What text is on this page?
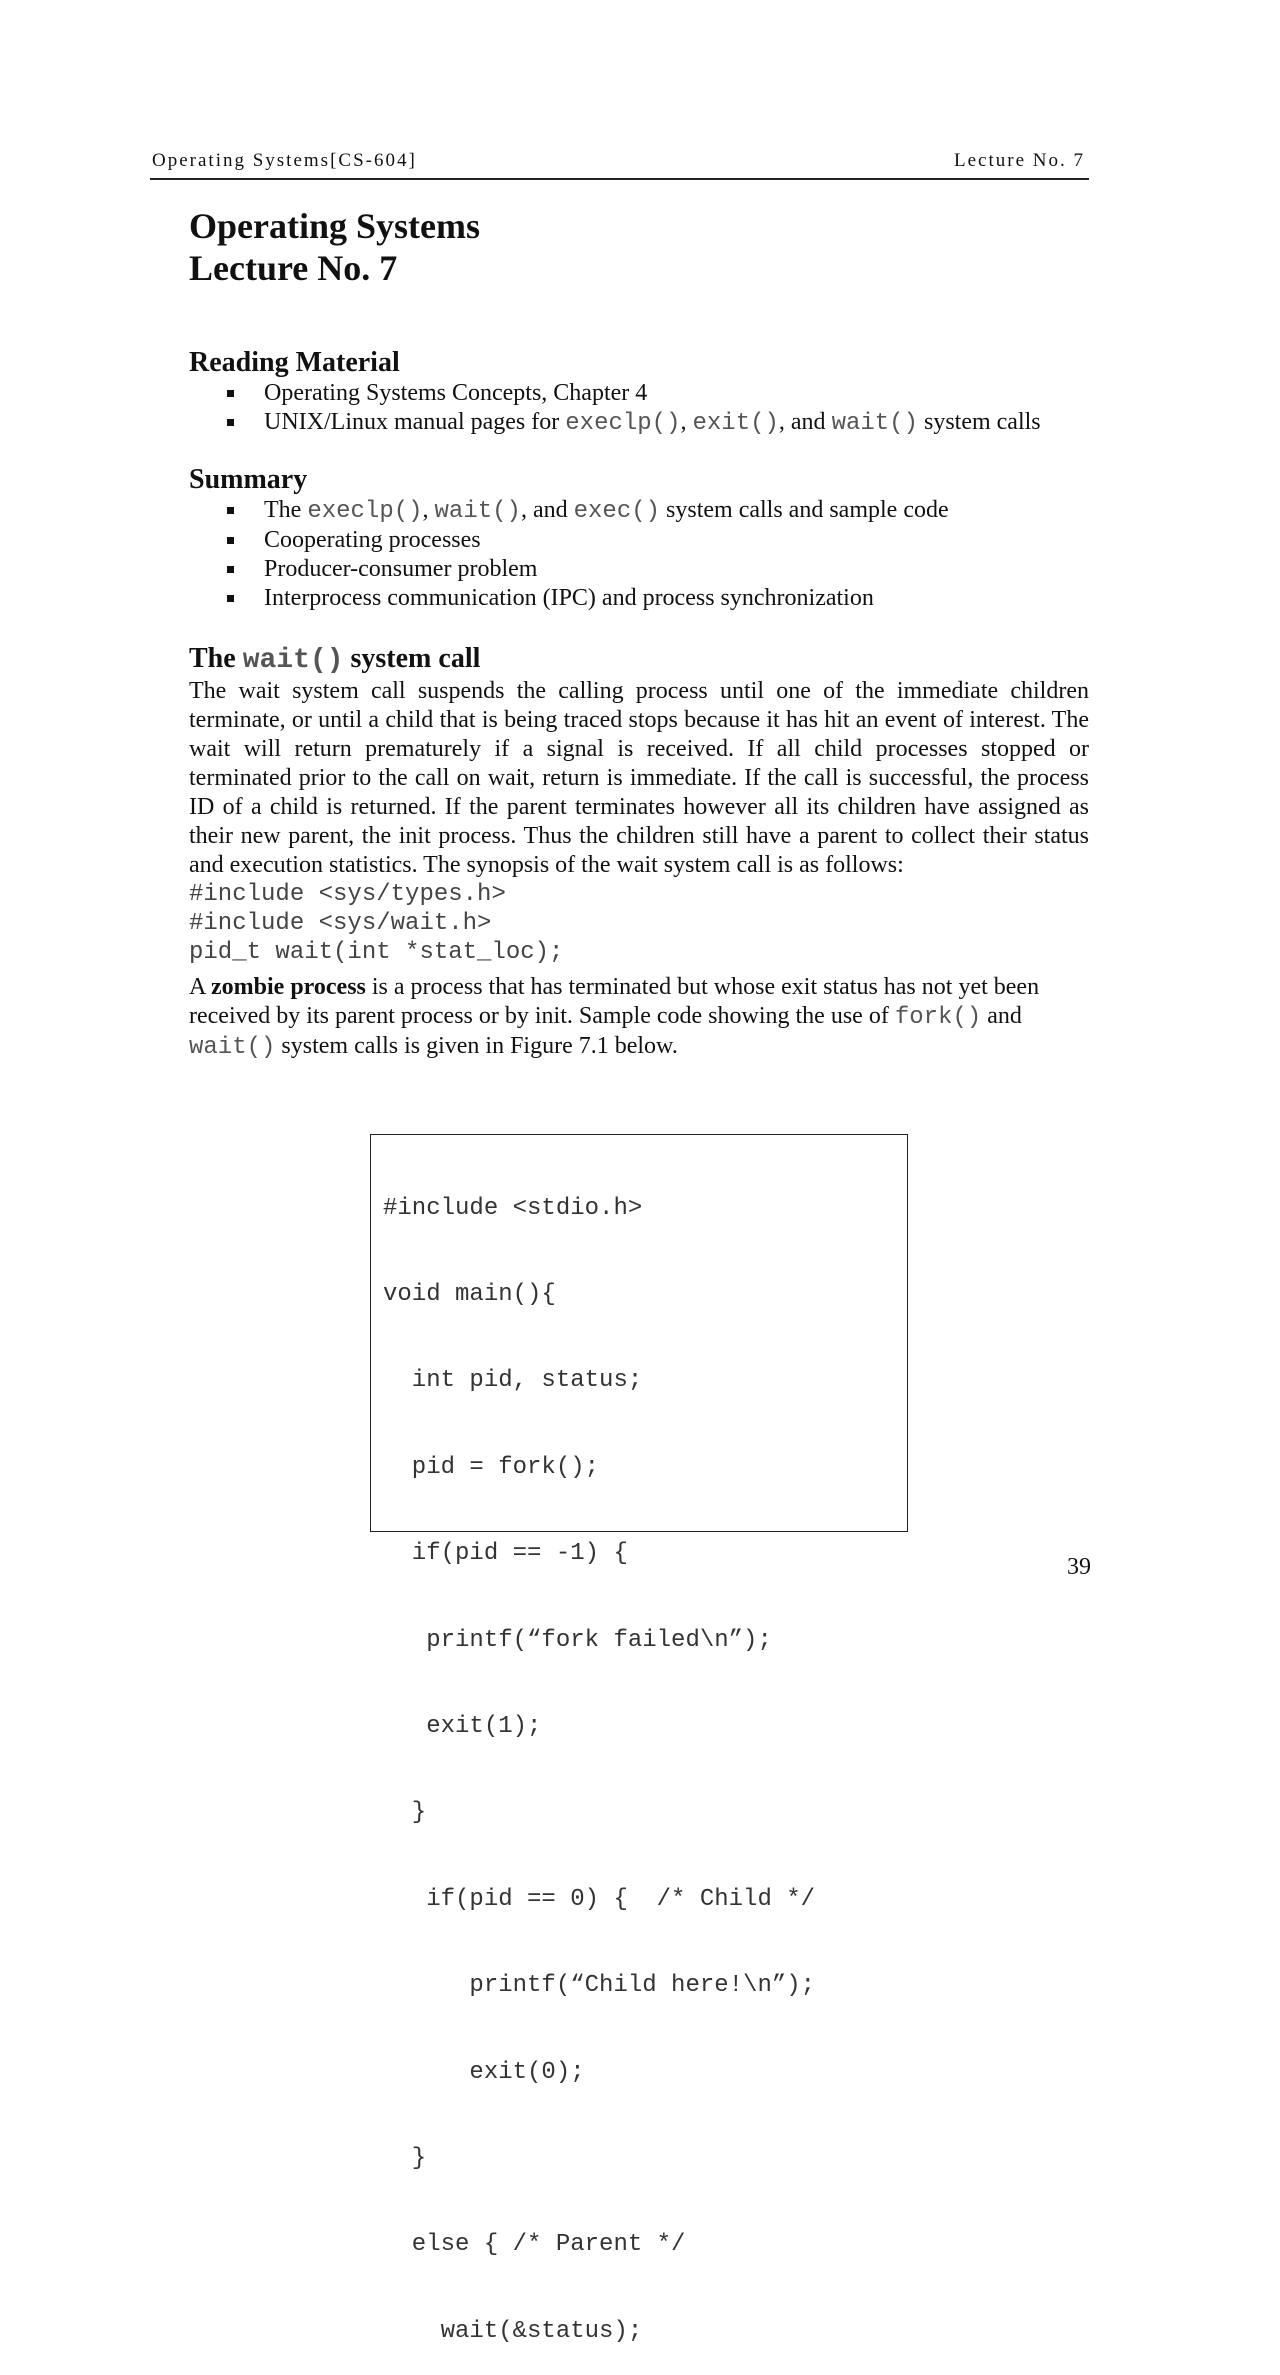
Operating Systems[CS-604]	Lecture No. 7
Operating Systems
Lecture No. 7
Reading Material
Operating Systems Concepts, Chapter 4
UNIX/Linux manual pages for execlp(), exit(), and wait() system calls
Summary
The execlp(), wait(), and exec() system calls and sample code
Cooperating processes
Producer-consumer problem
Interprocess communication (IPC) and process synchronization
The wait() system call

The wait system call suspends the calling process until one of the immediate children terminate, or until a child that is being traced stops because it has hit an event of interest. The wait will return prematurely if a signal is received. If all child processes stopped or terminated prior to the call on wait, return is immediate. If the call is successful, the process ID of a child is returned. If the parent terminates however all its children have assigned as their new parent, the init process. Thus the children still have a parent to collect their status and execution statistics. The synopsis of the wait system call is as follows:

#include <sys/types.h>
#include <sys/wait.h>
pid_t wait(int *stat_loc);

A zombie process is a process that has terminated but whose exit status has not yet been received by its parent process or by init. Sample code showing the use of fork() and wait() system calls is given in Figure 7.1 below.

#include <stdio.h>

void main(){

int pid, status;

pid = fork();

if(pid == -1) {

printf(“fork failed\n”);

exit(1);

}

if(pid == 0) {  /* Child */

printf(“Child here!\n”);

exit(0);

}

else { /* Parent */

wait(&status);

39
